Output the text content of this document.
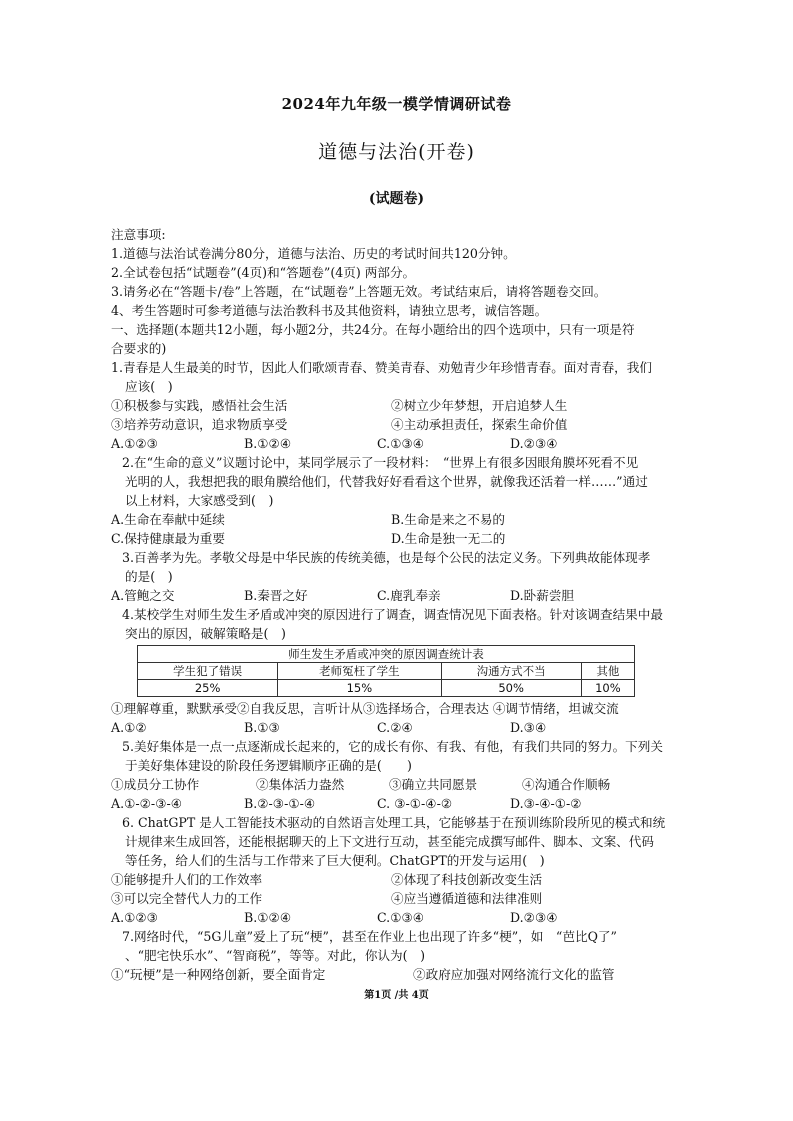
2024年九年级一模学情调研试卷
道德与法治(开卷)
(试题卷)
注意事项:
1.道德与法治试卷满分80分，道德与法治、历史的考试时间共120分钟。
2.全试卷包括“试题卷”(4页)和“答题卷”(4页) 两部分。
3.请务必在“答题卡/卷”上答题，在“试题卷”上答题无效。考试结束后，请将答题卷交回。
4、考生答题时可参考道德与法治教科书及其他资料，请独立思考，诚信答题。
一、选择题(本题共12小题，每小题2分，共24分。在每小题给出的四个选项中，只有一项是符
合要求的)
1.青春是人生最美的时节，因此人们歌颂青春、赞美青春、劝勉青少年珍惜青春。面对青春，我们
应该(　)
①积极参与实践，感悟社会生活	②树立少年梦想，开启追梦人生
③培养劳动意识，追求物质享受	④主动承担责任，探索生命价值
A.①②③	B.①②④	C.①③④	D.②③④
2.在“生命的意义”议题讨论中，某同学展示了一段材料：　“世界上有很多因眼角膜坏死看不见
光明的人，我想把我的眼角膜给他们，代替我好好看看这个世界，就像我还活着一样……”通过
以上材料，大家感受到(　)
A.生命在奉献中延续	B.生命是来之不易的
C.保持健康最为重要	D.生命是独一无二的
3.百善孝为先。孝敬父母是中华民族的传统美德，也是每个公民的法定义务。下列典故能体现孝
的是(　)
A.管鲍之交	B.秦晋之好	C.鹿乳奉亲	D.卧薪尝胆
4.某校学生对师生发生矛盾或冲突的原因进行了调查，调查情况见下面表格。针对该调查结果中最
突出的原因，破解策略是(　)
师生发生矛盾或冲突的原因调查统计表			
学生犯了错误	老师冤枉了学生	沟通方式不当	其他
25%	15%	50%	10%
①理解尊重，默默承受②自我反思，言听计从③选择场合，合理表达 ④调节情绪，坦诚交流
A.①②	B.①③	C.②④	D.③④
5.美好集体是一点一点逐渐成长起来的，它的成长有你、有我、有他，有我们共同的努力。下列关
于美好集体建设的阶段任务逻辑顺序正确的是(　　)
①成员分工协作	②集体活力盎然	③确立共同愿景	④沟通合作顺畅
A.①-②-③-④	B.②-③-①-④	C. ③-①-④-②	D.③-④-①-②
6. ChatGPT 是人工智能技术驱动的自然语言处理工具，它能够基于在预训练阶段所见的模式和统
计规律来生成回答，还能根据聊天的上下文进行互动，甚至能完成撰写邮件、脚本、文案、代码
等任务，给人们的生活与工作带来了巨大便利。ChatGPT的开发与运用(　)
①能够提升人们的工作效率	②体现了科技创新改变生活
③可以完全替代人力的工作	④应当遵循道德和法律准则
A.①②③	B.①②④	C.①③④	D.②③④
7.网络时代，“5G儿童”爱上了玩“梗”，甚至在作业上也出现了许多“梗”，如　“芭比Q了”
、“肥宅快乐水”、“智商税”，等等。对此，你认为(　)
①“玩梗”是一种网络创新，要全面肯定	②政府应加强对网络流行文化的监管
第1页 /共 4页
